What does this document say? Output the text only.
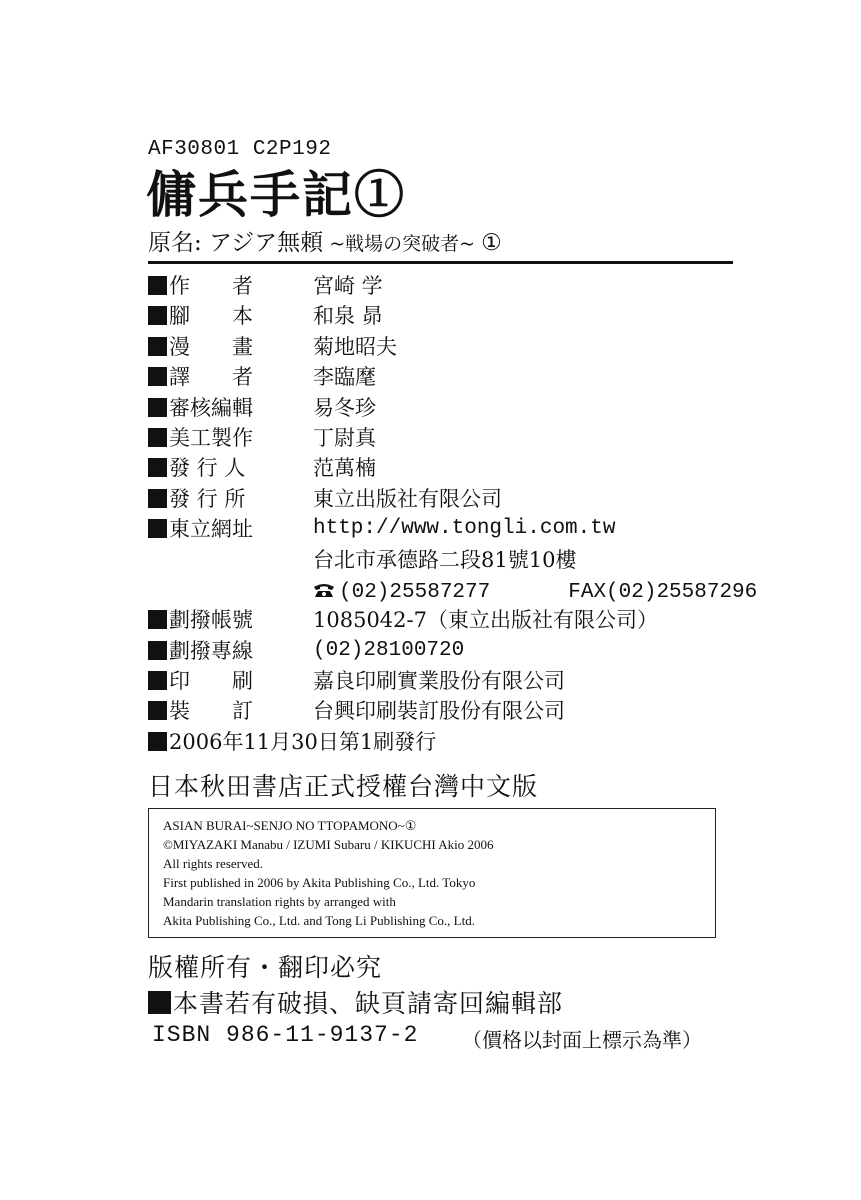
AF30801 C2P192
傭兵手記①
原名: アジア無頼 ~戦場の突破者~ ①
作　　者	宮崎 学
腳　　本	和泉 昴
漫　　畫	菊地昭夫
譯　　者	李臨麾
審核編輯	易冬珍
美工製作	丁尉真
發 行 人	范萬楠
發 行 所	東立出版社有限公司
東立網址	http://www.tongli.com.tw
台北市承德路二段81號10樓
(02)25587277	FAX(02)25587296
劃撥帳號	1085042-7（東立出版社有限公司）
劃撥專線	(02)28100720
印　　刷	嘉良印刷實業股份有限公司
裝　　訂	台興印刷裝訂股份有限公司
2006年11月30日第1刷發行
日本秋田書店正式授權台灣中文版
ASIAN BURAI~SENJO NO TTOPAMONO~①
©MIYAZAKI Manabu / IZUMI Subaru / KIKUCHI Akio 2006
All rights reserved.
First published in 2006 by Akita Publishing Co., Ltd. Tokyo
Mandarin translation rights by arranged with
Akita Publishing Co., Ltd. and Tong Li Publishing Co., Ltd.
版權所有・翻印必究
本書若有破損、缺頁請寄回編輯部
ISBN 986-11-9137-2 （價格以封面上標示為準）
